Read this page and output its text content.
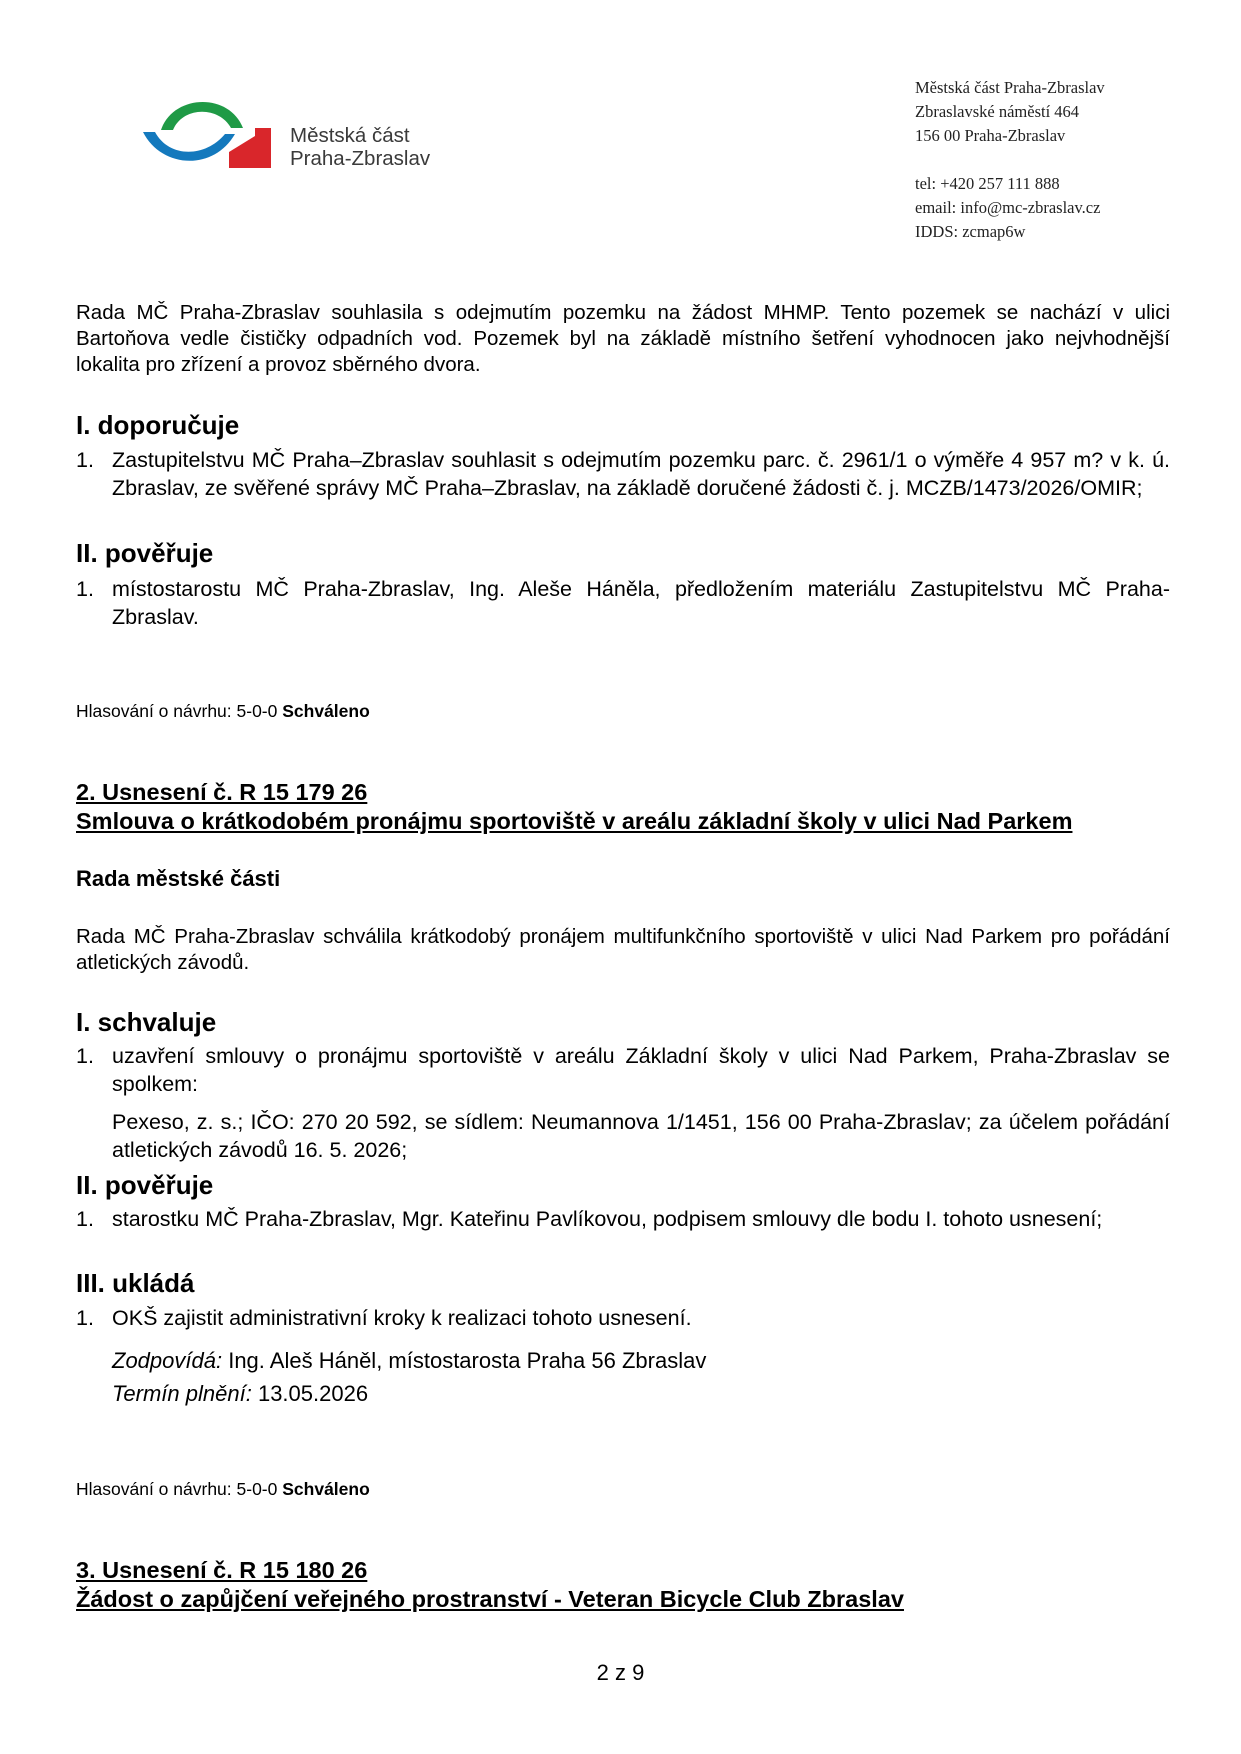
Městská část
Praha-Zbraslav
Městská část Praha-Zbraslav
Zbraslavské náměstí 464
156 00 Praha-Zbraslav
tel: +420 257 111 888
email: info@mc-zbraslav.cz
IDDS: zcmap6w
Rada MČ Praha-Zbraslav souhlasila s odejmutím pozemku na žádost MHMP. Tento pozemek se nachází v ulici Bartoňova vedle čističky odpadních vod. Pozemek byl na základě místního šetření vyhodnocen jako nejvhodnější lokalita pro zřízení a provoz sběrného dvora.
I. doporučuje
1. Zastupitelstvu MČ Praha–Zbraslav souhlasit s odejmutím pozemku parc. č. 2961/1 o výměře 4 957 m? v k. ú. Zbraslav, ze svěřené správy MČ Praha–Zbraslav, na základě doručené žádosti č. j. MCZB/1473/2026/OMIR;
II. pověřuje
1. místostarostu MČ Praha-Zbraslav, Ing. Aleše Háněla, předložením materiálu Zastupitelstvu MČ Praha-Zbraslav.
Hlasování o návrhu: 5-0-0 Schváleno
2. Usnesení č. R 15 179 26
Smlouva o krátkodobém pronájmu sportoviště v areálu základní školy v ulici Nad Parkem
Rada městské části
Rada MČ Praha-Zbraslav schválila krátkodobý pronájem multifunkčního sportoviště v ulici Nad Parkem pro pořádání atletických závodů.
I. schvaluje
1. uzavření smlouvy o pronájmu sportoviště v areálu Základní školy v ulici Nad Parkem, Praha-Zbraslav se spolkem:
Pexeso, z. s.; IČO: 270 20 592, se sídlem: Neumannova 1/1451, 156 00 Praha-Zbraslav; za účelem pořádání atletických závodů 16. 5. 2026;
II. pověřuje
1. starostku MČ Praha-Zbraslav, Mgr. Kateřinu Pavlíkovou, podpisem smlouvy dle bodu I. tohoto usnesení;
III. ukládá
1. OKŠ zajistit administrativní kroky k realizaci tohoto usnesení.
Zodpovídá: Ing. Aleš Háněl, místostarosta Praha 56 Zbraslav
Termín plnění: 13.05.2026
Hlasování o návrhu: 5-0-0 Schváleno
3. Usnesení č. R 15 180 26
Žádost o zapůjčení veřejného prostranství - Veteran Bicycle Club Zbraslav
2 z 9
